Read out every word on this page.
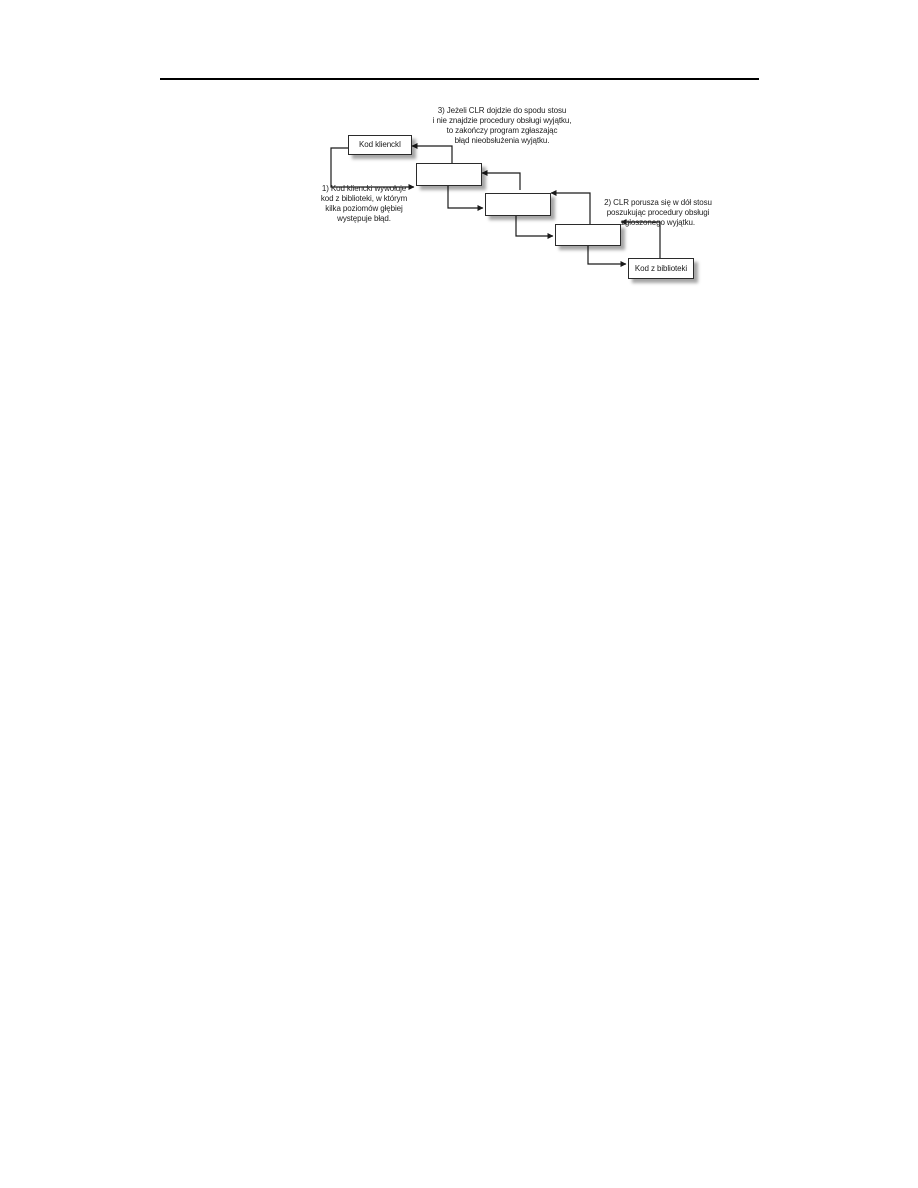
Kod klienckI
Kod z biblioteki
1) Kod kliencki wywołuje
kod z biblioteki, w którym
kilka poziomów głębiej
występuje błąd.
2) CLR porusza się w dół stosu
poszukując procedury obsługi
zgłoszonego wyjątku.
3) Jeżeli CLR dojdzie do spodu stosu
i nie znajdzie procedury obsługi wyjątku,
to zakończy program zgłaszając
błąd nieobsłużenia wyjątku.
